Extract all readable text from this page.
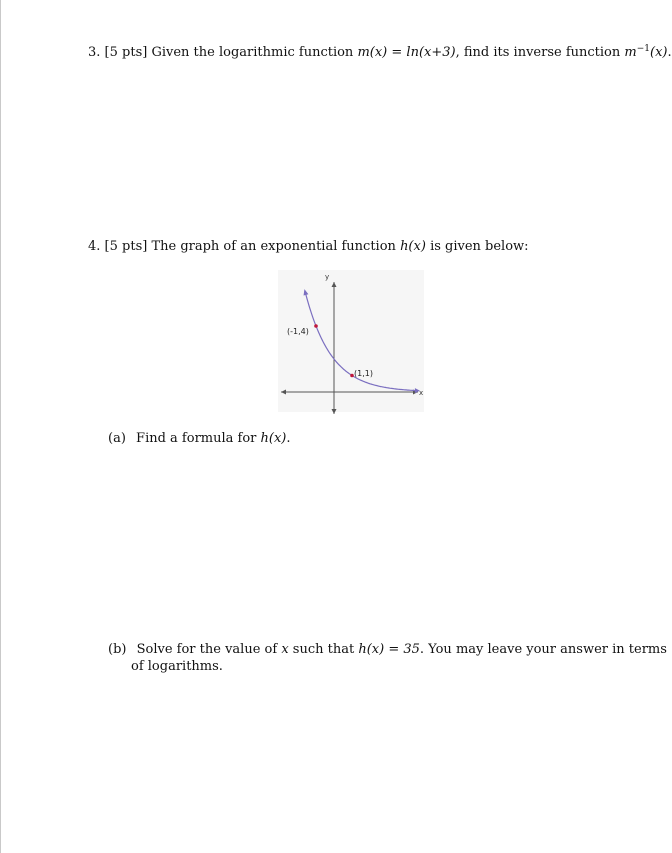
3. [5 pts] Given the logarithmic function m(x) = ln(x+3), find its inverse function $m^{-1}(x)$.
4. [5 pts] The graph of an exponential function h(x) is given below:
x
y
(-1,4)
(1,1)
(a) Find a formula for h(x).
(b) Solve for the value of x such that h(x) = 35. You may leave your answer in terms
of logarithms.
